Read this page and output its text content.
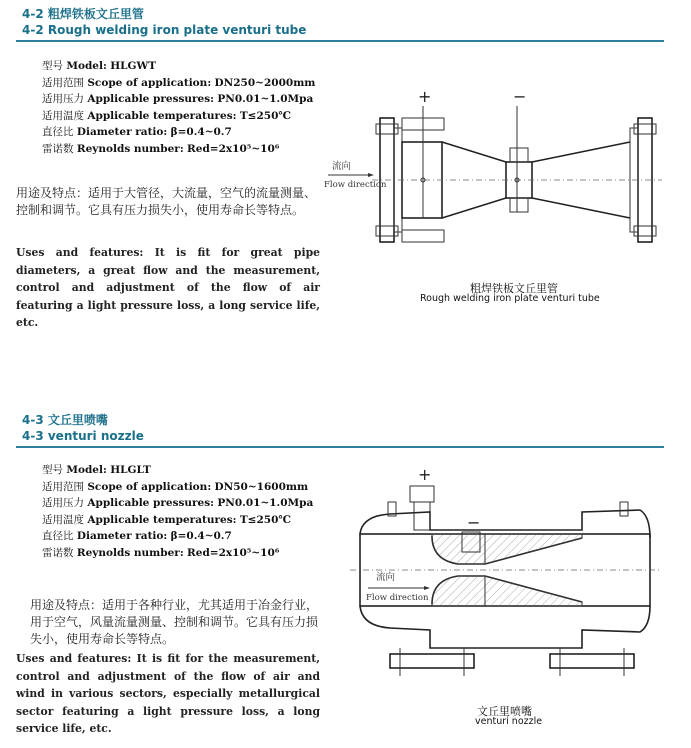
4-2 粗焊铁板文丘里管
4-2 Rough welding iron plate venturi tube
型号 Model: HLGWT
适用范围 Scope of application: DN250~2000mm
适用压力 Applicable pressures: PN0.01~1.0Mpa
适用温度 Applicable temperatures: T≤250℃
直径比 Diameter ratio: β=0.4~0.7
雷诺数 Reynolds number: Red=2x10⁵~10⁶
用途及特点：适用于大管径，大流量，空气的流量测量、控制和调节。它具有压力损失小，使用寿命长等特点。
Uses and features: It is fit for great pipe diameters, a great flow and the measurement, control and adjustment of the flow of air featuring a light pressure loss, a long service life, etc.
+	−
流向
Flow direction
粗焊铁板文丘里管
Rough welding iron plate venturi tube
4-3 文丘里喷嘴
4-3 venturi nozzle
型号 Model: HLGLT
适用范围 Scope of application: DN50~1600mm
适用压力 Applicable pressures: PN0.01~1.0Mpa
适用温度 Applicable temperatures: T≤250℃
直径比 Diameter ratio: β=0.4~0.7
雷诺数 Reynolds number: Red=2x10⁵~10⁶
用途及特点：适用于各种行业，尤其适用于冶金行业，用于空气，风量流量测量、控制和调节。它具有压力损失小，使用寿命长等特点。
Uses and features: It is fit for the measurement, control and adjustment of the flow of air and wind in various sectors, especially metallurgical sector featuring a light pressure loss, a long service life, etc.
+
−
流向
Flow direction
文丘里喷嘴
venturi nozzle
